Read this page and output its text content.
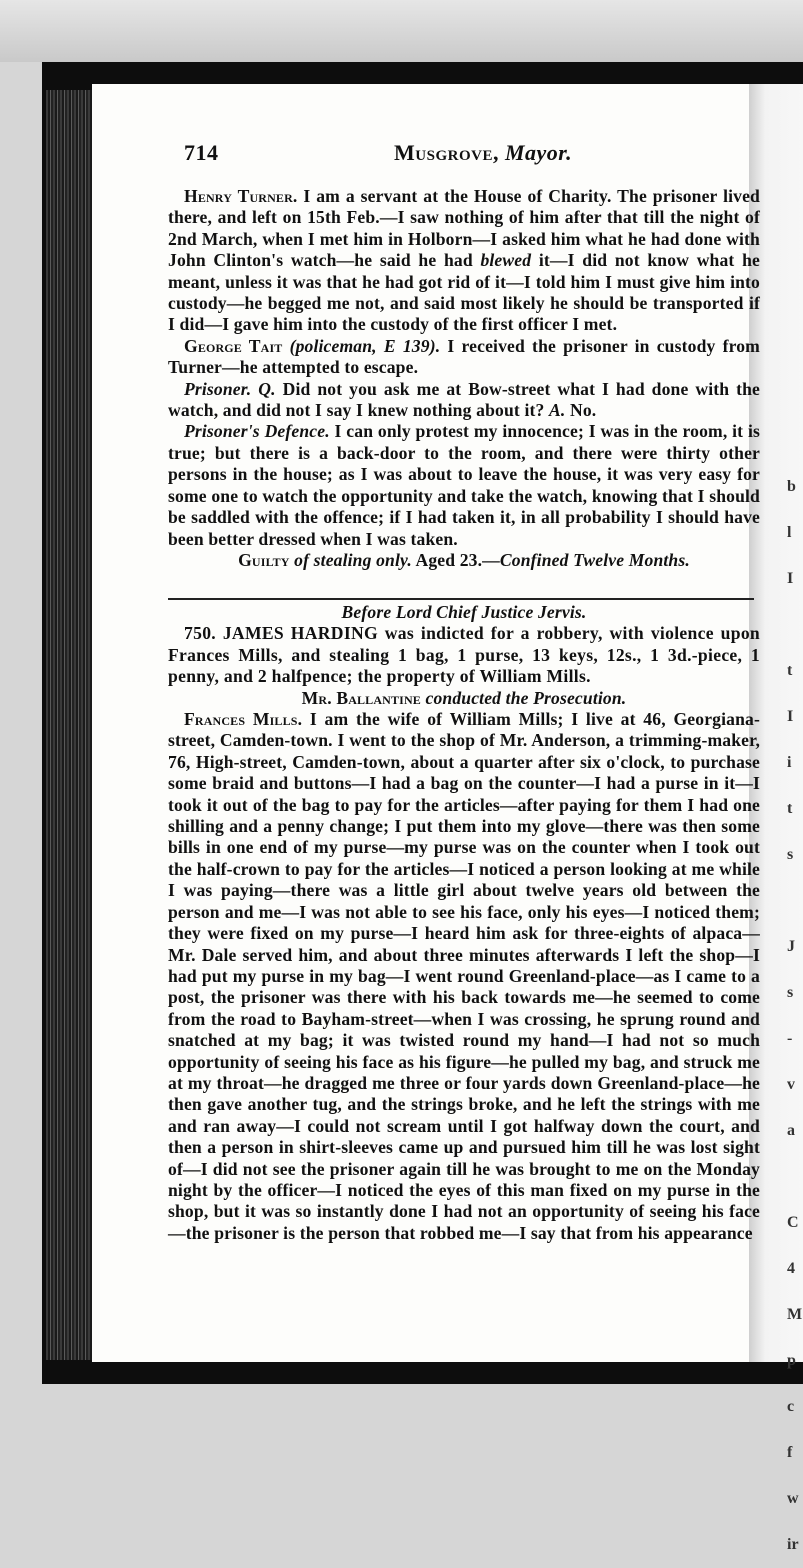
b
l
I

t
I
i
t
s

J
s
-
v
a

C
4
M
p
c
f
w
ir
714	Musgrove, Mayor.

Henry Turner. I am a servant at the House of Charity. The prisoner lived there, and left on 15th Feb.—I saw nothing of him after that till the night of 2nd March, when I met him in Holborn—I asked him what he had done with John Clinton's watch—he said he had blewed it—I did not know what he meant, unless it was that he had got rid of it—I told him I must give him into custody—he begged me not, and said most likely he should be transported if I did—I gave him into the custody of the first officer I met.

George Tait (policeman, E 139). I received the prisoner in custody from Turner—he attempted to escape.

Prisoner. Q. Did not you ask me at Bow-street what I had done with the watch, and did not I say I knew nothing about it? A. No.

Prisoner's Defence. I can only protest my innocence; I was in the room, it is true; but there is a back-door to the room, and there were thirty other persons in the house; as I was about to leave the house, it was very easy for some one to watch the opportunity and take the watch, knowing that I should be saddled with the offence; if I had taken it, in all probability I should have been better dressed when I was taken.

Guilty of stealing only. Aged 23.—Confined Twelve Months.

Before Lord Chief Justice Jervis.

750. JAMES HARDING was indicted for a robbery, with violence upon Frances Mills, and stealing 1 bag, 1 purse, 13 keys, 12s., 1 3d.-piece, 1 penny, and 2 halfpence; the property of William Mills.

Mr. Ballantine conducted the Prosecution.

Frances Mills. I am the wife of William Mills; I live at 46, Georgiana-street, Camden-town. I went to the shop of Mr. Anderson, a trimming-maker, 76, High-street, Camden-town, about a quarter after six o'clock, to purchase some braid and buttons—I had a bag on the counter—I had a purse in it—I took it out of the bag to pay for the articles—after paying for them I had one shilling and a penny change; I put them into my glove—there was then some bills in one end of my purse—my purse was on the counter when I took out the half-crown to pay for the articles—I noticed a person looking at me while I was paying—there was a little girl about twelve years old between the person and me—I was not able to see his face, only his eyes—I noticed them; they were fixed on my purse—I heard him ask for three-eights of alpaca—Mr. Dale served him, and about three minutes afterwards I left the shop—I had put my purse in my bag—I went round Greenland-place—as I came to a post, the prisoner was there with his back towards me—he seemed to come from the road to Bayham-street—when I was crossing, he sprung round and snatched at my bag; it was twisted round my hand—I had not so much opportunity of seeing his face as his figure—he pulled my bag, and struck me at my throat—he dragged me three or four yards down Greenland-place—he then gave another tug, and the strings broke, and he left the strings with me and ran away—I could not scream until I got halfway down the court, and then a person in shirt-sleeves came up and pursued him till he was lost sight of—I did not see the prisoner again till he was brought to me on the Monday night by the officer—I noticed the eyes of this man fixed on my purse in the shop, but it was so instantly done I had not an opportunity of seeing his face—the prisoner is the person that robbed me—I say that from his appearance
